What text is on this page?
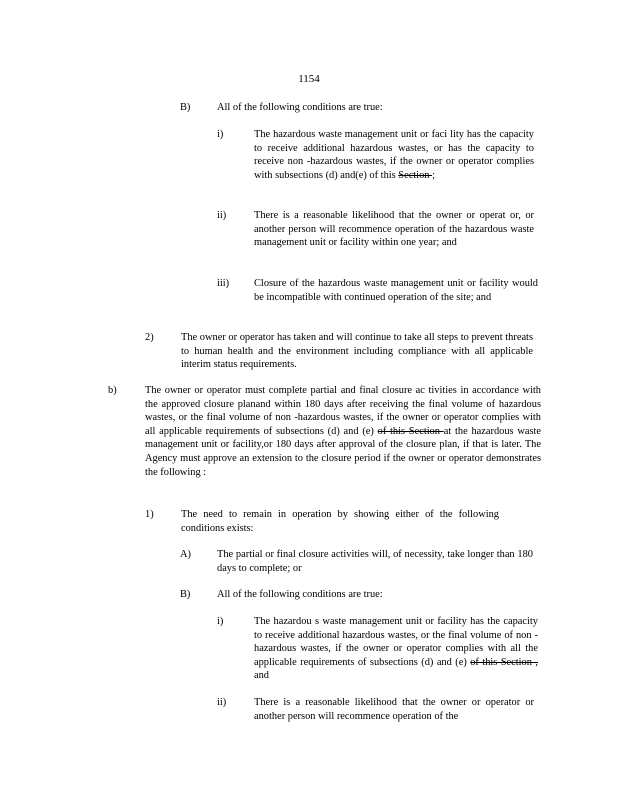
1154
B)	All of the following conditions are true:

i)	The hazardous waste management unit or faci lity has the capacity to receive additional hazardous wastes, or has the capacity to receive non -hazardous wastes, if the owner or operator complies with subsections (d) and(e) of this Section ;

ii)	There is a reasonable likelihood that the owner or operat or, or another person will recommence operation of the hazardous waste management unit or facility within one year; and

iii) Closure of the hazardous waste management unit or facility would be incompatible with continued operation of the site; and

2)	The owner or operator has taken and will continue to take all steps to prevent threats to human health and the environment including compliance with all applicable interim status requirements.

b)	The owner or operator must complete partial and final closure ac tivities in accordance with the approved closure planand within 180 days after receiving the final volume of hazardous wastes, or the final volume of non -hazardous wastes, if the owner or operator complies with all applicable requirements of subsections (d) and (e) of this Section at the hazardous waste management unit or facility,or 180 days after approval of the closure plan, if that is later. The Agency must approve an extension to the closure period if the owner or operator demonstrates the following :

1)	The need to remain in operation by showing either of the following conditions exists:

A)	The partial or final closure activities will, of necessity, take longer than 180 days to complete; or

B)	All of the following conditions are true:

i)	The hazardou s waste management unit or facility has the capacity to receive additional hazardous wastes, or the final volume of non -hazardous wastes, if the owner or operator complies with all the applicable requirements of subsections (d) and (e) of this Section , and

ii)	There is a reasonable likelihood that the owner or operator or another person will recommence operation of the
